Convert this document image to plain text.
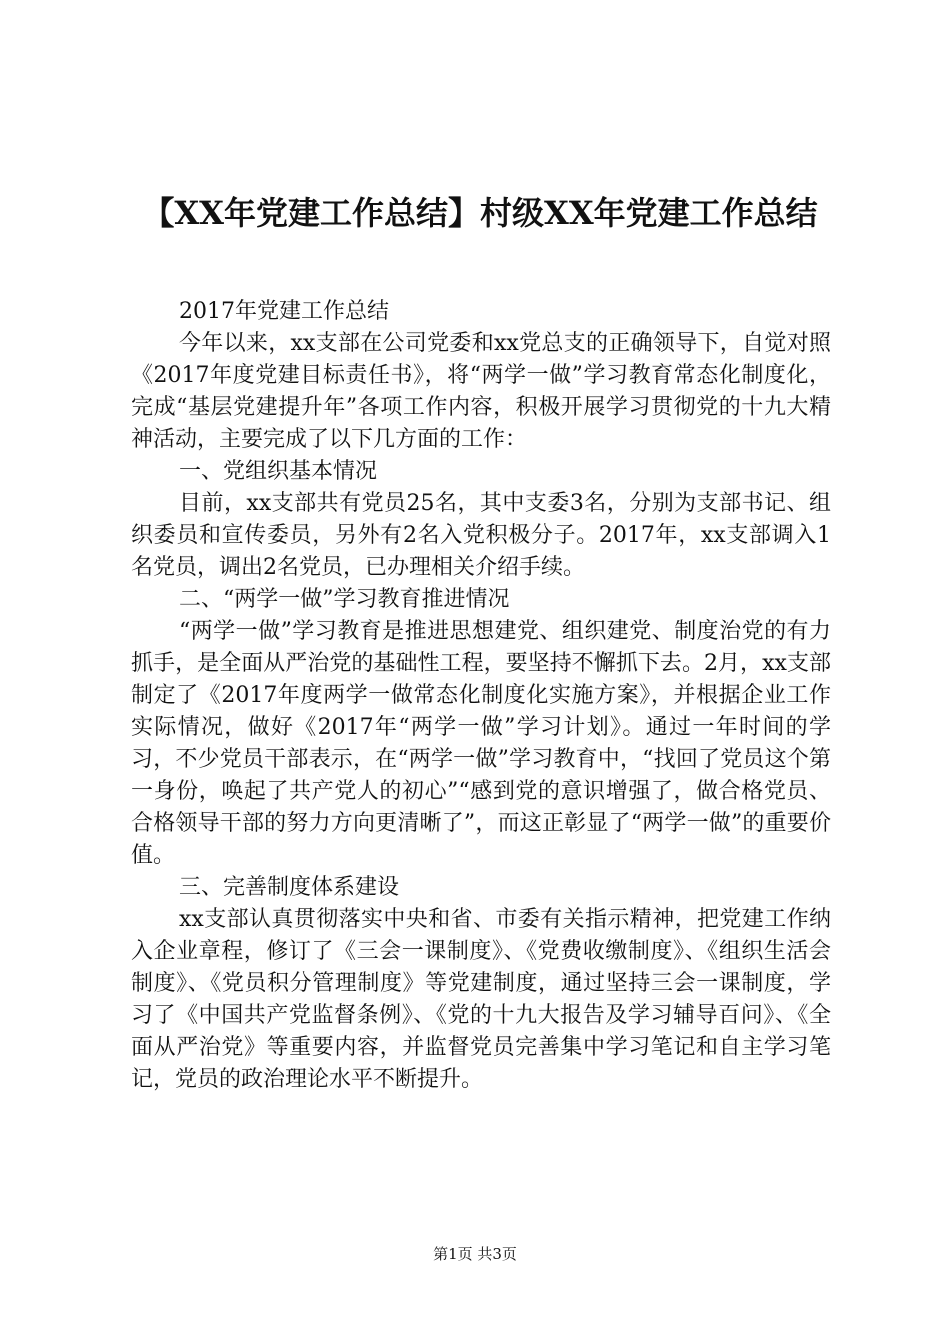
【XX年党建工作总结】村级XX年党建工作总结

2017年党建工作总结

今年以来，xx支部在公司党委和xx党总支的正确领导下，自觉对照《2017年度党建目标责任书》，将“两学一做”学习教育常态化制度化，完成“基层党建提升年”各项工作内容，积极开展学习贯彻党的十九大精神活动，主要完成了以下几方面的工作：

一、党组织基本情况

目前，xx支部共有党员25名，其中支委3名，分别为支部书记、组织委员和宣传委员，另外有2名入党积极分子。2017年，xx支部调入1名党员，调出2名党员，已办理相关介绍手续。

二、“两学一做”学习教育推进情况

“两学一做”学习教育是推进思想建党、组织建党、制度治党的有力抓手，是全面从严治党的基础性工程，要坚持不懈抓下去。2月，xx支部制定了《2017年度两学一做常态化制度化实施方案》，并根据企业工作实际情况，做好《2017年“两学一做”学习计划》。通过一年时间的学习，不少党员干部表示，在“两学一做”学习教育中，“找回了党员这个第一身份，唤起了共产党人的初心”“感到党的意识增强了，做合格党员、合格领导干部的努力方向更清晰了”，而这正彰显了“两学一做”的重要价值。

三、完善制度体系建设

xx支部认真贯彻落实中央和省、市委有关指示精神，把党建工作纳入企业章程，修订了《三会一课制度》、《党费收缴制度》、《组织生活会制度》、《党员积分管理制度》等党建制度，通过坚持三会一课制度，学习了《中国共产党监督条例》、《党的十九大报告及学习辅导百问》、《全面从严治党》等重要内容，并监督党员完善集中学习笔记和自主学习笔记，党员的政治理论水平不断提升。

第1页 共3页
